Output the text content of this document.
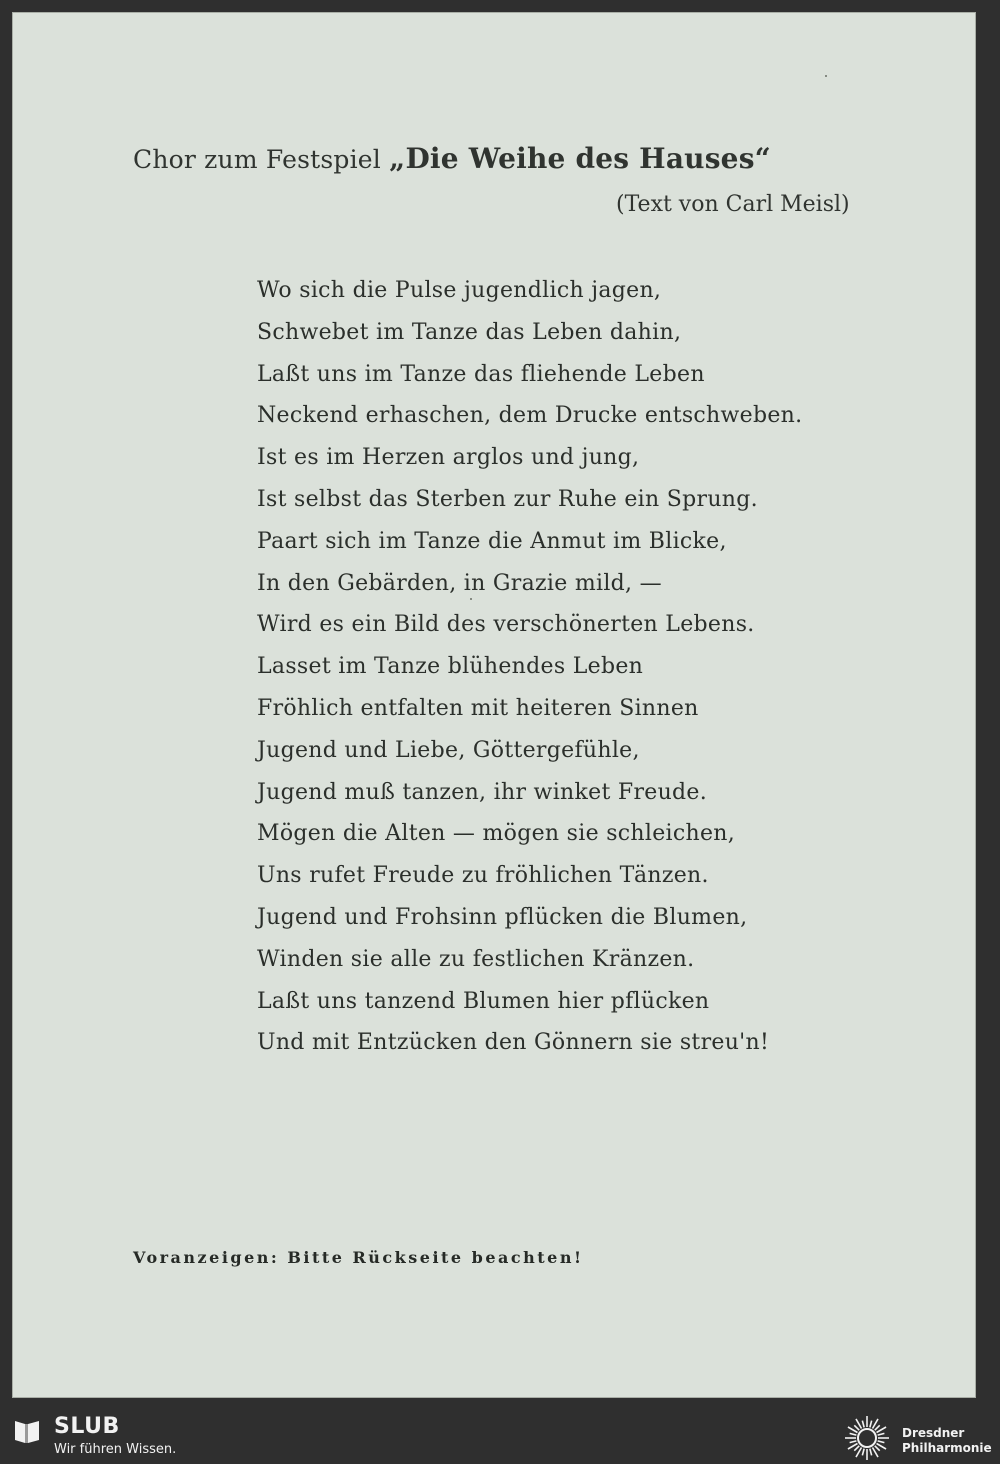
Chor zum Festspiel „Die Weihe des Hauses“
(Text von Carl Meisl)
Wo sich die Pulse jugendlich jagen,
Schwebet im Tanze das Leben dahin,
Laßt uns im Tanze das fliehende Leben
Neckend erhaschen, dem Drucke entschweben.
Ist es im Herzen arglos und jung,
Ist selbst das Sterben zur Ruhe ein Sprung.
Paart sich im Tanze die Anmut im Blicke,
In den Gebärden, in Grazie mild, —
Wird es ein Bild des verschönerten Lebens.
Lasset im Tanze blühendes Leben
Fröhlich entfalten mit heiteren Sinnen
Jugend und Liebe, Göttergefühle,
Jugend muß tanzen, ihr winket Freude.
Mögen die Alten — mögen sie schleichen,
Uns rufet Freude zu fröhlichen Tänzen.
Jugend und Frohsinn pflücken die Blumen,
Winden sie alle zu festlichen Kränzen.
Laßt uns tanzend Blumen hier pflücken
Und mit Entzücken den Gönnern sie streu'n!
Voranzeigen: Bitte Rückseite beachten!
SLUB
Wir führen Wissen.
Dresdner
Philharmonie
